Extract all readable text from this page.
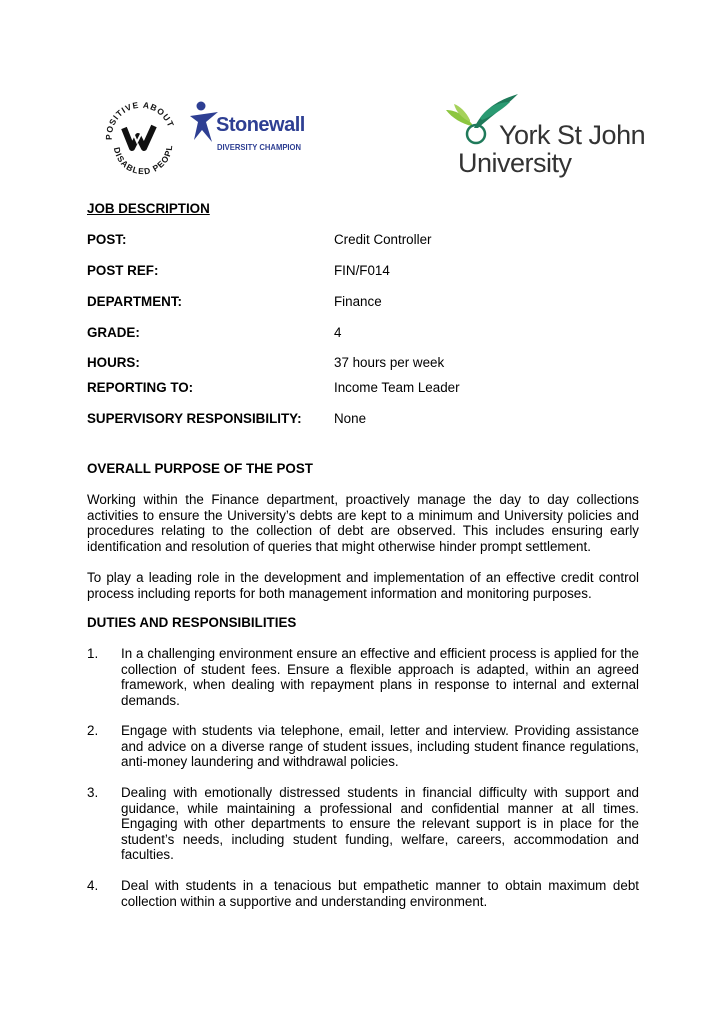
POSITIVE ABOUT
DISABLED PEOPL
Stonewall
DIVERSITY CHAMPION	York St John
University
JOB DESCRIPTION
POST:	Credit Controller
POST REF:	FIN/F014
DEPARTMENT:	Finance
GRADE:	4
HOURS:	37 hours per week
REPORTING TO:	Income Team Leader
SUPERVISORY RESPONSIBILITY: None
OVERALL PURPOSE OF THE POST
Working within the Finance department, proactively manage the day to day collections activities to ensure the University’s debts are kept to a minimum and University policies and procedures relating to the collection of debt are observed. This includes ensuring early identification and resolution of queries that might otherwise hinder prompt settlement.
To play a leading role in the development and implementation of an effective credit control process including reports for both management information and monitoring purposes.
DUTIES AND RESPONSIBILITIES
1. In a challenging environment ensure an effective and efficient process is applied for the collection of student fees. Ensure a flexible approach is adapted, within an agreed framework, when dealing with repayment plans in response to internal and external demands.
2. Engage with students via telephone, email, letter and interview. Providing assistance and advice on a diverse range of student issues, including student finance regulations, anti-money laundering and withdrawal policies.
3. Dealing with emotionally distressed students in financial difficulty with support and guidance, while maintaining a professional and confidential manner at all times. Engaging with other departments to ensure the relevant support is in place for the student’s needs, including student funding, welfare, careers, accommodation and faculties.
4. Deal with students in a tenacious but empathetic manner to obtain maximum debt collection within a supportive and understanding environment.
